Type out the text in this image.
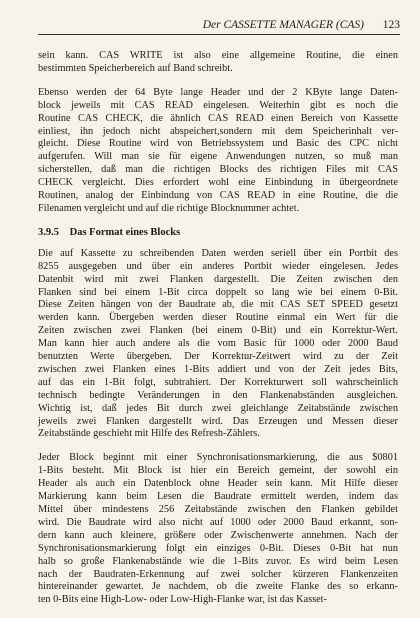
Der CASSETTE MANAGER (CAS) 123

sein kann. CAS WRITE ist also eine allgemeine Routine, die einen
bestimmten Speicherbereich auf Band schreibt.

Ebenso werden der 64 Byte lange Header und der 2 KByte lange Daten-
block jeweils mit CAS READ eingelesen. Weiterhin gibt es noch die
Routine CAS CHECK, die ähnlich CAS READ einen Bereich von Kassette
einliest, ihn jedoch nicht abspeichert,sondern mit dem Speicherinhalt ver-
gleicht. Diese Routine wird von Betriebssystem und Basic des CPC nicht
aufgerufen. Will man sie für eigene Anwendungen nutzen, so muß man
sicherstellen, daß man die richtigen Blocks des richtigen Files mit CAS
CHECK vergleicht. Dies erfordert wohl eine Einbindung in übergeordnete
Routinen, analog der Einbindung von CAS READ in eine Routine, die die
Filenamen vergleicht und auf die richtige Blocknummer achtet.

3.9.5 Das Format eines Blocks

Die auf Kassette zu schreibenden Daten werden seriell über ein Portbit des
8255 ausgegeben und über ein anderes Portbit wieder eingelesen. Jedes
Datenbit wird mit zwei Flanken dargestellt. Die Zeiten zwischen den
Flanken sind bei einem 1-Bit circa doppelt so lang wie bei einem 0-Bit.
Diese Zeiten hängen von der Baudrate ab, die mit CAS SET SPEED gesetzt
werden kann. Übergeben werden dieser Routine einmal ein Wert für die
Zeiten zwischen zwei Flanken (bei einem 0-Bit) und ein Korrektur-Wert.
Man kann hier auch andere als die vom Basic für 1000 oder 2000 Baud
benutzten Werte übergeben. Der Korrektur-Zeitwert wird zu der Zeit
zwischen zwei Flanken eines 1-Bits addiert und von der Zeit jedes Bits,
auf das ein 1-Bit folgt, subtrahiert. Der Korrekturwert soll wahrscheinlich
technisch bedingte Veränderungen in den Flankenabständen ausgleichen.
Wichtig ist, daß jedes Bit durch zwei gleichlange Zeitabstände zwischen
jeweils zwei Flanken dargestellt wird. Das Erzeugen und Messen dieser
Zeitabstände geschieht mit Hilfe des Refresh-Zählers.

Jeder Block beginnt mit einer Synchronisationsmarkierung, die aus $0801
1-Bits besteht. Mit Block ist hier ein Bereich gemeint, der sowohl ein
Header als auch ein Datenblock ohne Header sein kann. Mit Hilfe dieser
Markierung kann beim Lesen die Baudrate ermittelt werden, indem das
Mittel über mindestens 256 Zeitabstände zwischen den Flanken gebildet
wird. Die Baudrate wird also nicht auf 1000 oder 2000 Baud erkannt, son-
dern kann auch kleinere, größere oder Zwischenwerte annehmen. Nach der
Synchronisationsmarkierung folgt ein einziges 0-Bit. Dieses 0-Bit hat nun
halb so große Flankenabstände wie die 1-Bits zuvor. Es wird beim Lesen
nach der Baudraten-Erkennung auf zwei solcher kürzeren Flankenzeiten
hintereinander gewartet. Je nachdem, ob die zweite Flanke des so erkann-
ten 0-Bits eine High-Low- oder Low-High-Flanke war, ist das Kasset-
